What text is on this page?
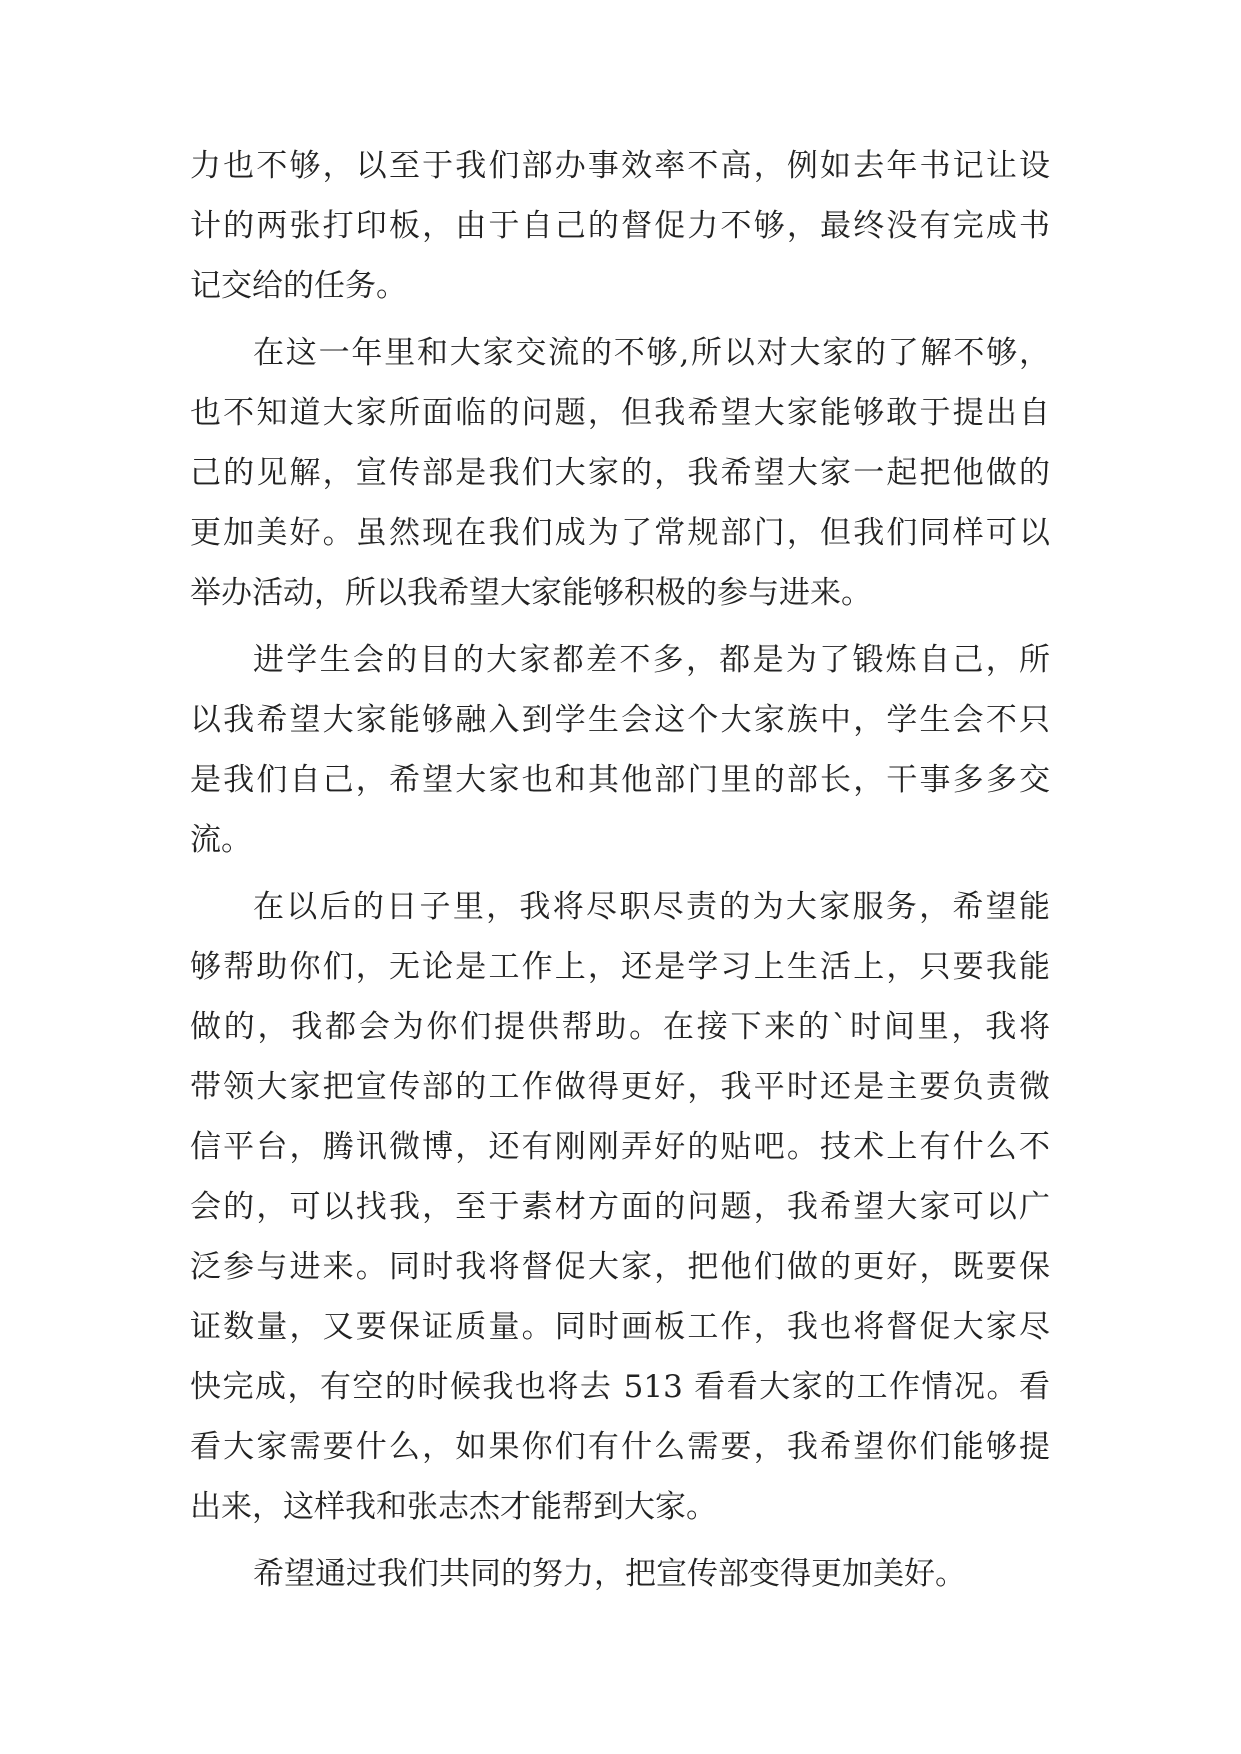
力也不够，以至于我们部办事效率不高，例如去年书记让设
计的两张打印板，由于自己的督促力不够，最终没有完成书
记交给的任务。
在这一年里和大家交流的不够,所以对大家的了解不够，
也不知道大家所面临的问题，但我希望大家能够敢于提出自
己的见解，宣传部是我们大家的，我希望大家一起把他做的
更加美好。虽然现在我们成为了常规部门，但我们同样可以
举办活动，所以我希望大家能够积极的参与进来。
进学生会的目的大家都差不多，都是为了锻炼自己，所
以我希望大家能够融入到学生会这个大家族中，学生会不只
是我们自己，希望大家也和其他部门里的部长，干事多多交
流。
在以后的日子里，我将尽职尽责的为大家服务，希望能
够帮助你们，无论是工作上，还是学习上生活上，只要我能
做的，我都会为你们提供帮助。在接下来的`时间里，我将
带领大家把宣传部的工作做得更好，我平时还是主要负责微
信平台，腾讯微博，还有刚刚弄好的贴吧。技术上有什么不
会的，可以找我，至于素材方面的问题，我希望大家可以广
泛参与进来。同时我将督促大家，把他们做的更好，既要保
证数量，又要保证质量。同时画板工作，我也将督促大家尽
快完成，有空的时候我也将去 513 看看大家的工作情况。看
看大家需要什么，如果你们有什么需要，我希望你们能够提
出来，这样我和张志杰才能帮到大家。
希望通过我们共同的努力，把宣传部变得更加美好。
